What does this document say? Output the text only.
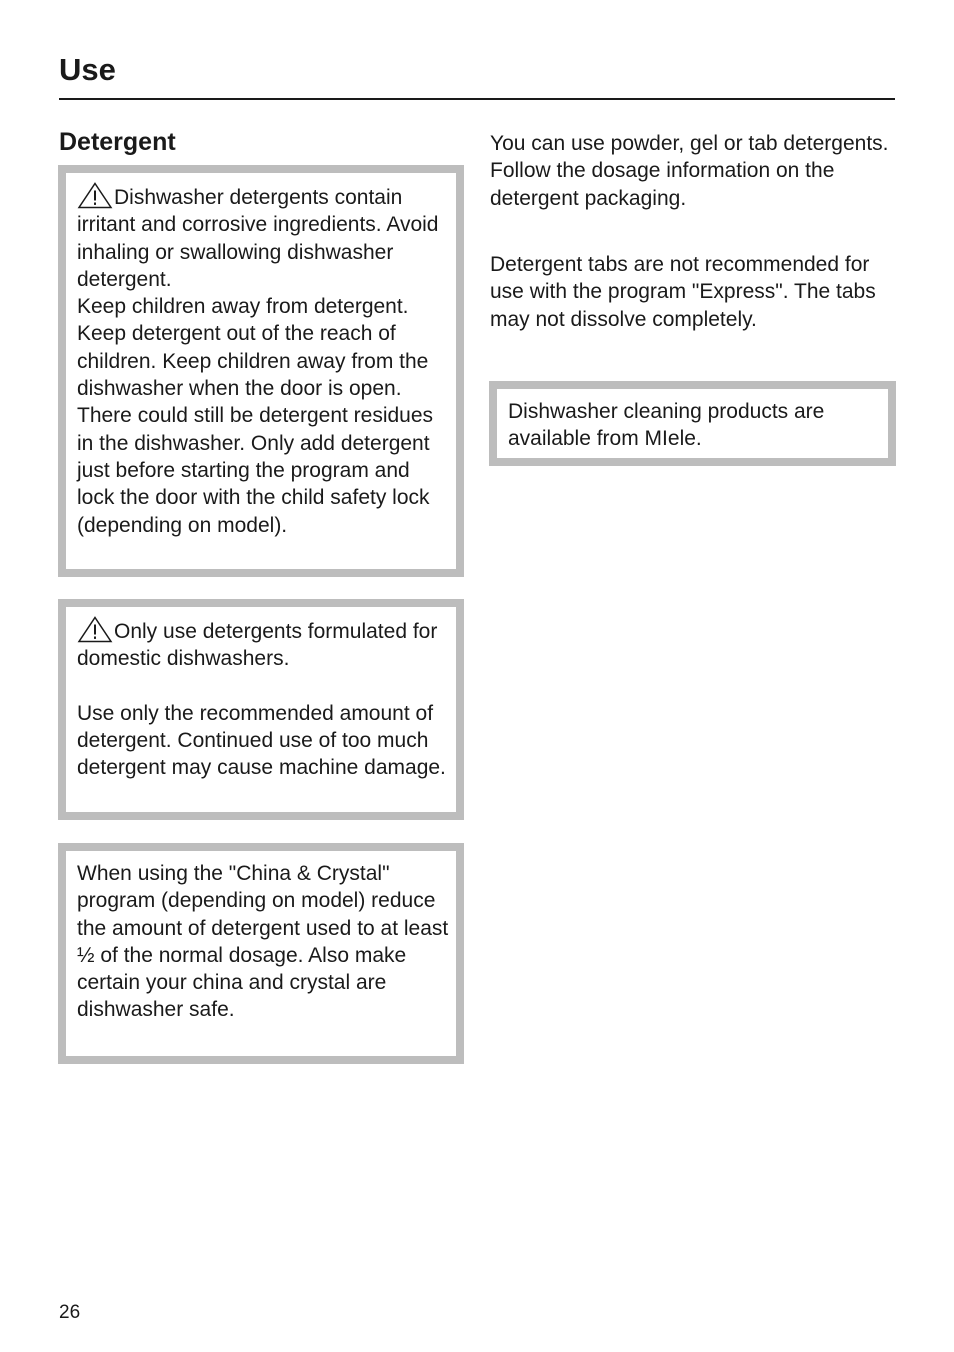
Use
Detergent

Dishwasher detergents contain irritant and corrosive ingredients. Avoid inhaling or swallowing dishwasher detergent.

Keep children away from detergent. Keep detergent out of the reach of children. Keep children away from the dishwasher when the door is open. There could still be detergent residues in the dishwasher. Only add detergent just before starting the program and lock the door with the child safety lock (depending on model).

Only use detergents formulated for domestic dishwashers.

Use only the recommended amount of detergent. Continued use of too much detergent may cause machine damage.

When using the "China & Crystal" program (depending on model) reduce the amount of detergent used to at least ½ of the normal dosage. Also make certain your china and crystal are dishwasher safe.

You can use powder, gel or tab detergents. Follow the dosage information on the detergent packaging.

Detergent tabs are not recommended for use with the program "Express". The tabs may not dissolve completely.

Dishwasher cleaning products are available from MIele.

26
